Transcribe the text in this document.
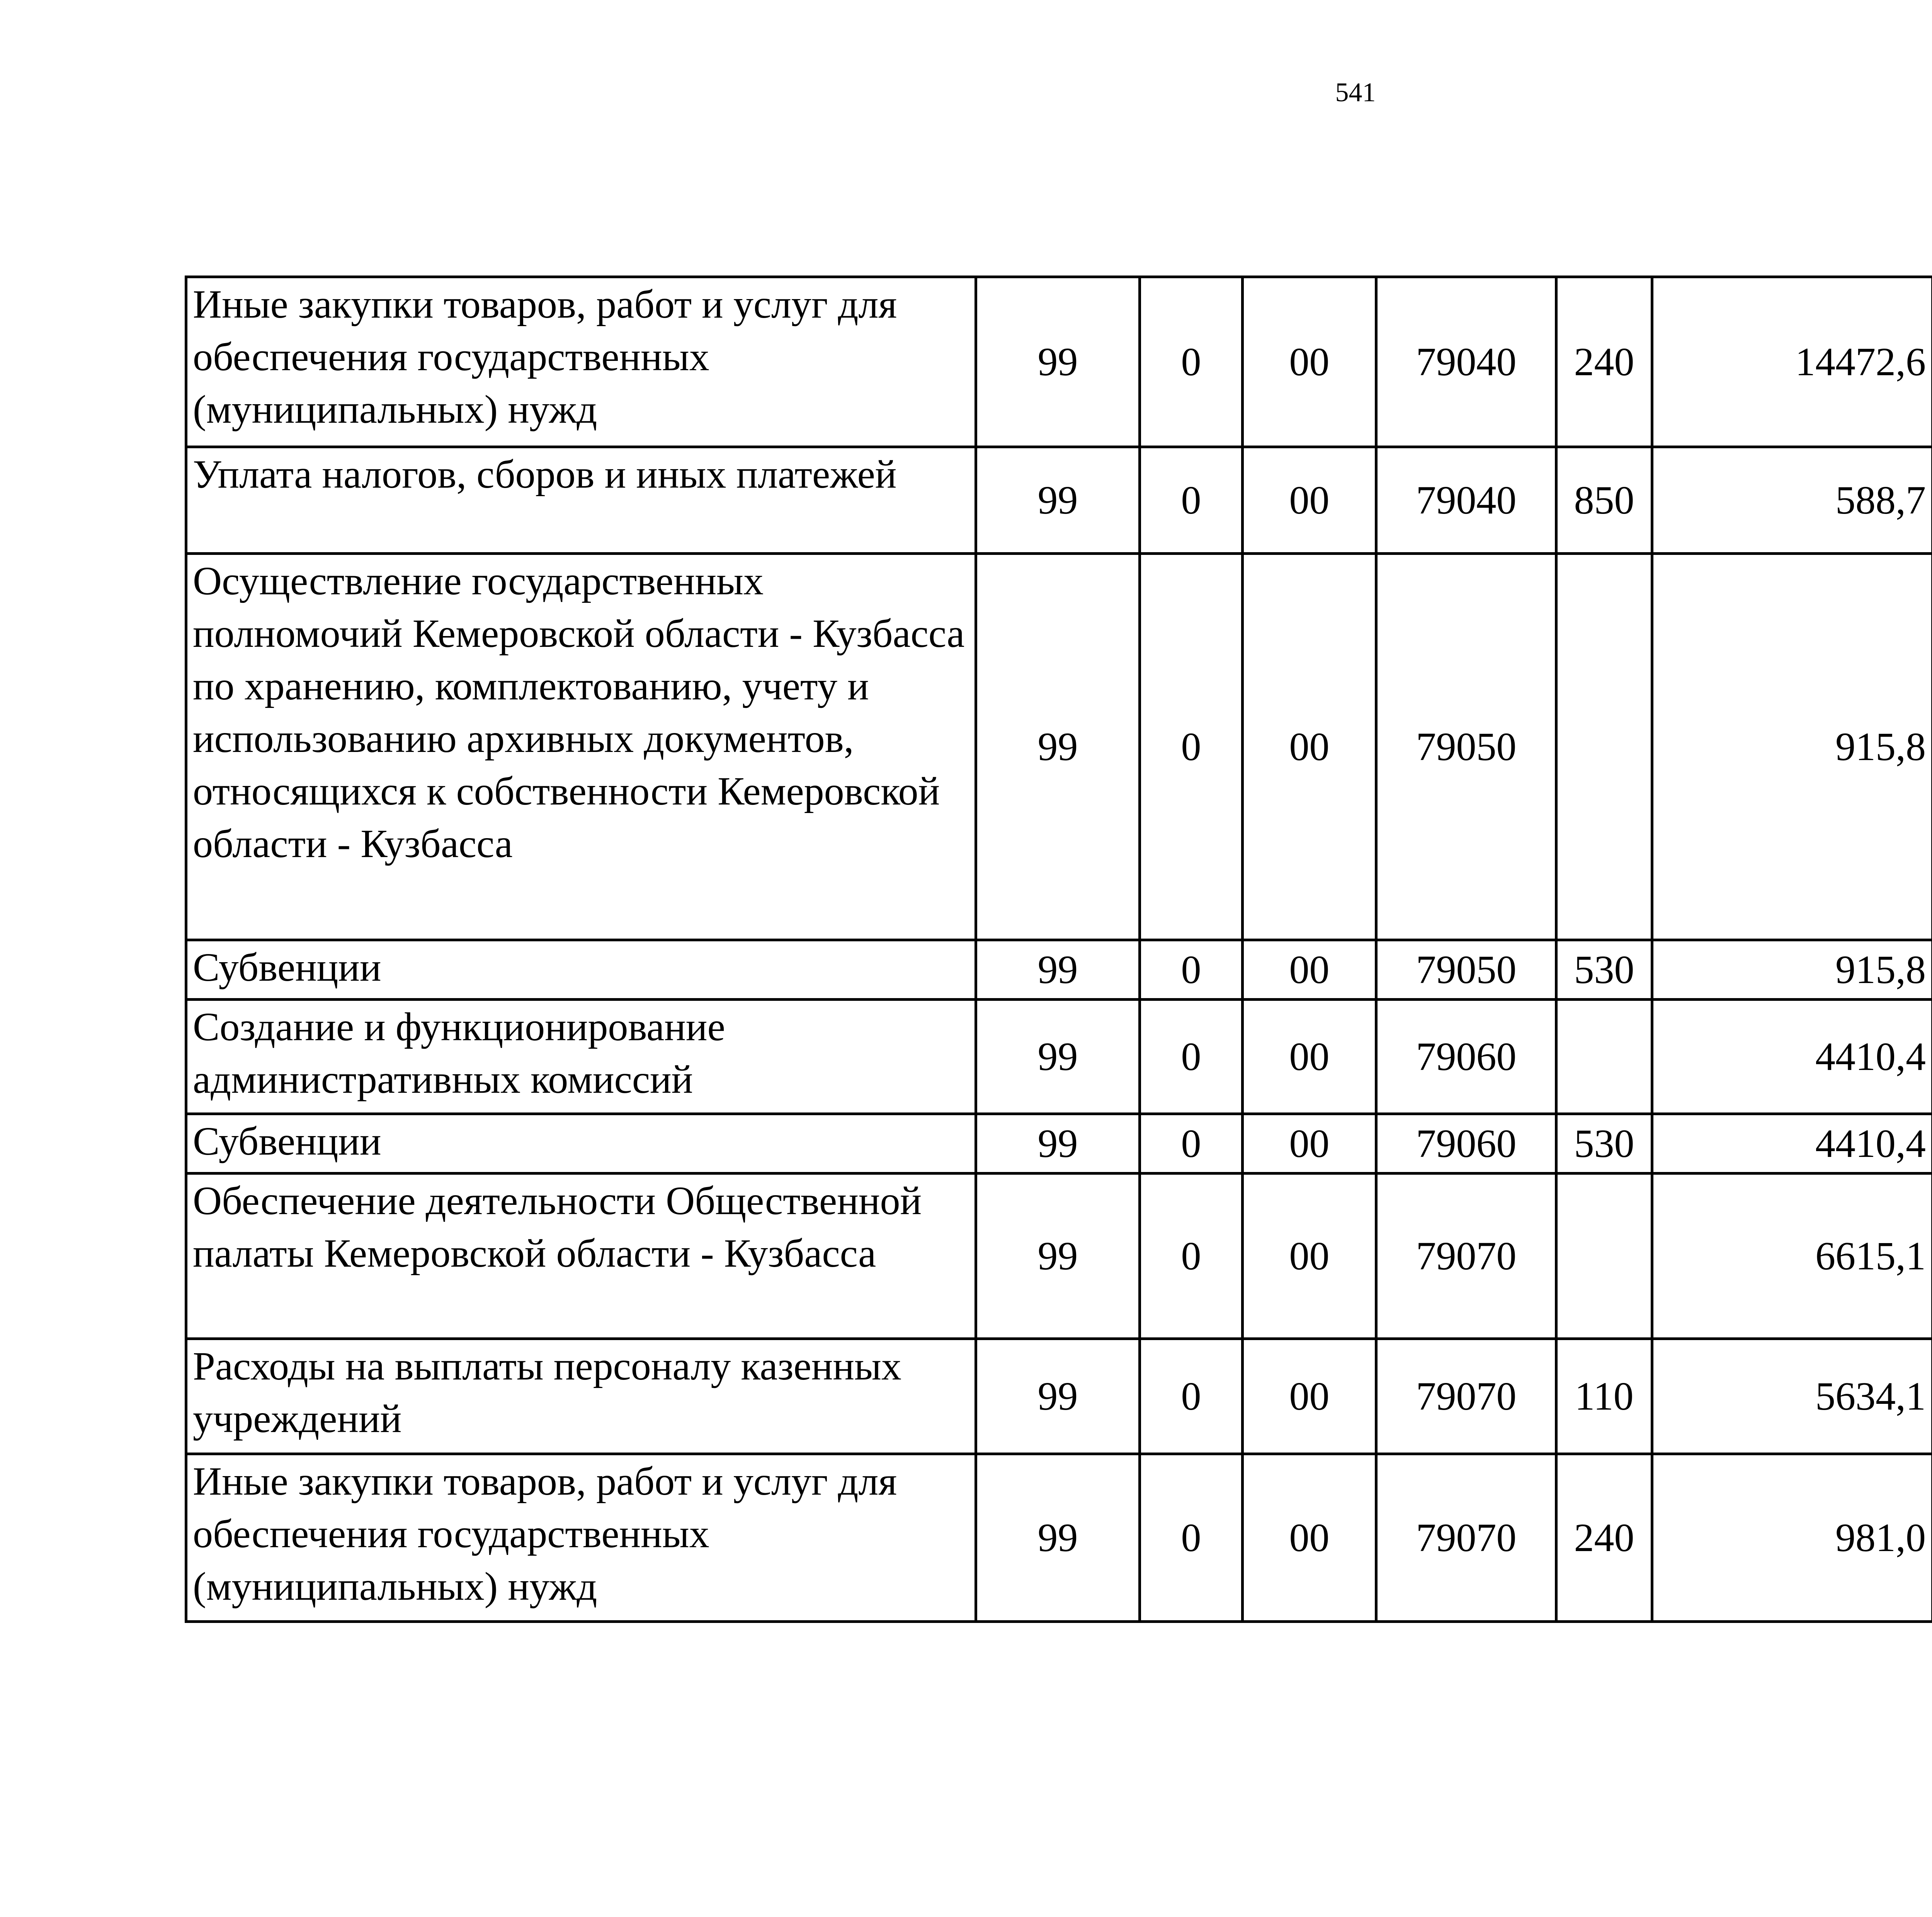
541
Иные закупки товаров, работ и услуг для обеспечения государственных (муниципальных) нужд	99	0	00	79040	240	14472,6		
Уплата налогов, сборов и иных платежей	99	0	00	79040	850	588,7		
Осуществление государственных полномочий Кемеровской области - Кузбасса по хранению, комплектованию, учету и использованию архивных документов, относящихся к собственности Кемеровской области - Кузбасса	99	0	00	79050		915,8		
Субвенции	99	0	00	79050	530	915,8		
Создание и функционирование административных комиссий	99	0	00	79060		4410,4		
Субвенции	99	0	00	79060	530	4410,4		
Обеспечение деятельности Общественной палаты Кемеровской области - Кузбасса	99	0	00	79070		6615,1		
Расходы на выплаты персоналу казенных учреждений	99	0	00	79070	110	5634,1		
Иные закупки товаров, работ и услуг для обеспечения государственных (муниципальных) нужд	99	0	00	79070	240	981,0		
